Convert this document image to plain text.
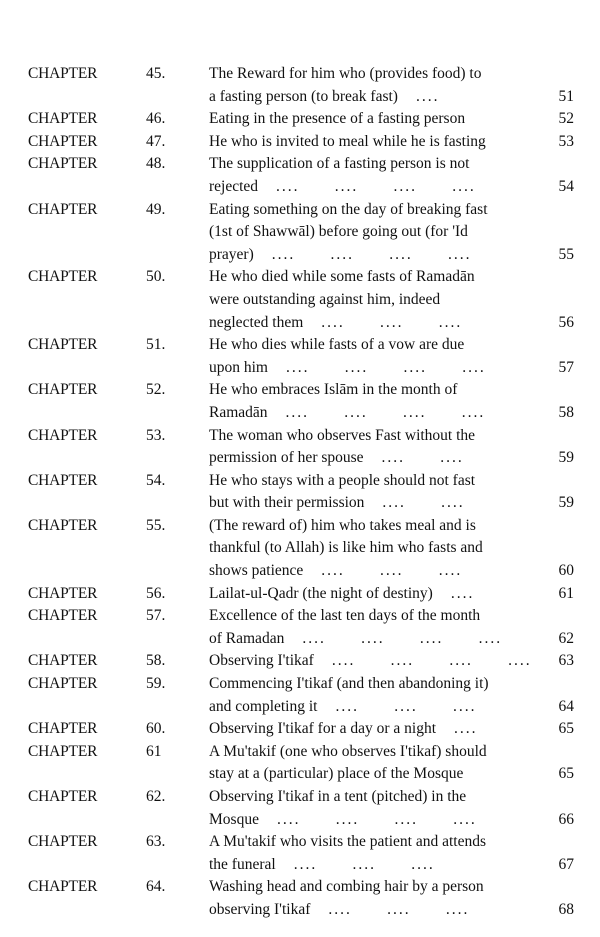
CHAPTER	45.	The Reward for him who (provides food) to
a fasting person (to break fast) ....	51
CHAPTER	46.	Eating in the presence of a fasting person	52
CHAPTER	47.	He who is invited to meal while he is fasting	53
CHAPTER	48.	The supplication of a fasting person is not
rejected ....      ....      ....      ....	54
CHAPTER	49.	Eating something on the day of breaking fast
(1st of Shawwāl) before going out (for 'Id
prayer) ....      ....      ....      ....	55
CHAPTER	50.	He who died while some fasts of Ramadān
were outstanding against him, indeed
neglected them ....      ....      ....	56
CHAPTER	51.	He who dies while fasts of a vow are due
upon him ....      ....      ....      ....	57
CHAPTER	52.	He who embraces Islām in the month of
Ramadān ....      ....      ....      ....	58
CHAPTER	53.	The woman who observes Fast without the
permission of her spouse ....      ....	59
CHAPTER	54.	He who stays with a people should not fast
but with their permission ....      ....	59
CHAPTER	55.	(The reward of) him who takes meal and is
thankful (to Allah) is like him who fasts and
shows patience ....      ....      ....	60
CHAPTER	56.	Lailat-ul-Qadr (the night of destiny) ....	61
CHAPTER	57.	Excellence of the last ten days of the month
of Ramadan ....      ....      ....      ....	62
CHAPTER	58.	Observing I'tikaf ....      ....      ....      ....	63
CHAPTER	59.	Commencing I'tikaf (and then abandoning it)
and completing it ....      ....      ....	64
CHAPTER	60.	Observing I'tikaf for a day or a night ....	65
CHAPTER	61	A Mu'takif (one who observes I'tikaf) should
stay at a (particular) place of the Mosque	65
CHAPTER	62.	Observing I'tikaf in a tent (pitched) in the
Mosque ....      ....      ....      ....	66
CHAPTER	63.	A Mu'takif who visits the patient and attends
the funeral ....      ....      ....	67
CHAPTER	64.	Washing head and combing hair by a person
observing I'tikaf ....      ....      ....	68
